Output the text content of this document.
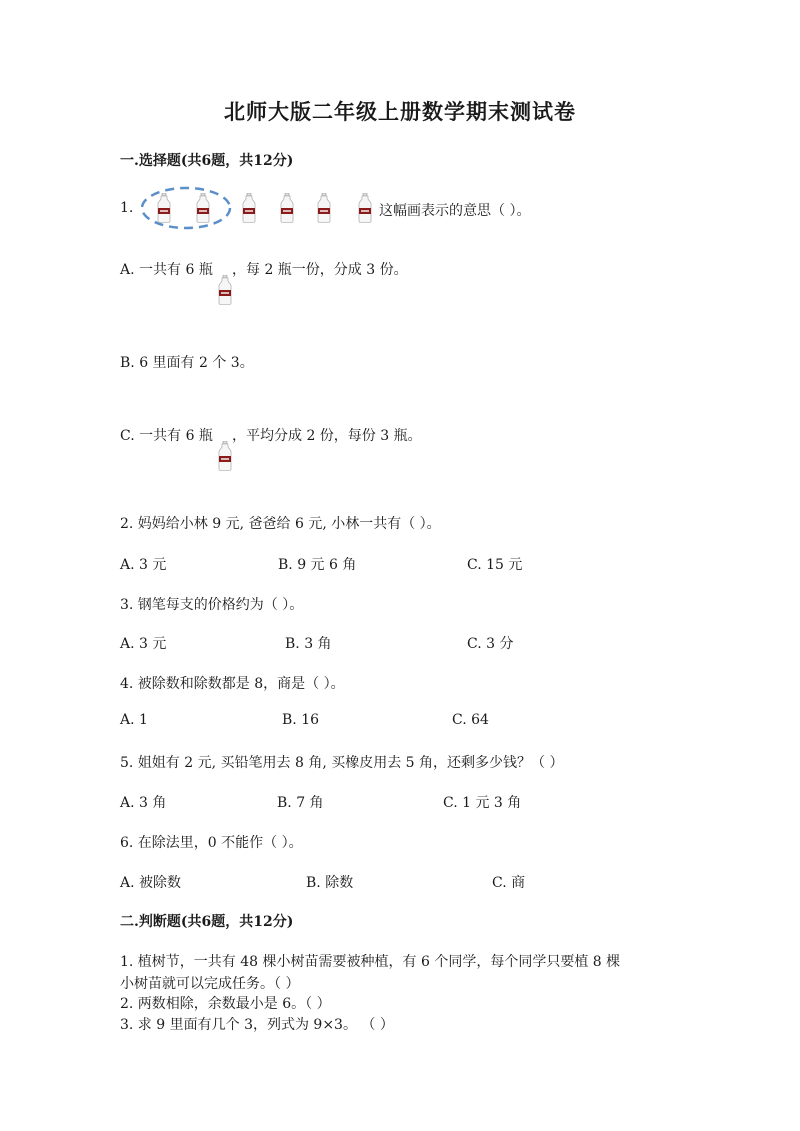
北师大版二年级上册数学期末测试卷
一.选择题(共6题，共12分)
1.	这幅画表示的意思（ ）。
A. 一共有 6 瓶 ，每 2 瓶一份，分成 3 份。
B. 6 里面有 2 个 3。
C. 一共有 6 瓶 ，平均分成 2 份，每份 3 瓶。
2. 妈妈给小林 9 元, 爸爸给 6 元, 小林一共有（ ）。
A. 3 元	B. 9 元 6 角	C. 15 元
3. 钢笔每支的价格约为（ ）。
A. 3 元	B. 3 角	C. 3 分
4. 被除数和除数都是 8，商是（ ）。
A. 1	B. 16	C. 64
5. 姐姐有 2 元, 买铅笔用去 8 角, 买橡皮用去 5 角，还剩多少钱？（ ）
A. 3 角	B. 7 角	C. 1 元 3 角
6. 在除法里，0 不能作（ ）。
A. 被除数	B. 除数	C. 商
二.判断题(共6题，共12分)
1. 植树节，一共有 48 棵小树苗需要被种植，有 6 个同学，每个同学只要植 8 棵
小树苗就可以完成任务。（ ）
2. 两数相除，余数最小是 6。（ ）
3. 求 9 里面有几个 3，列式为 9×3。 （ ）
